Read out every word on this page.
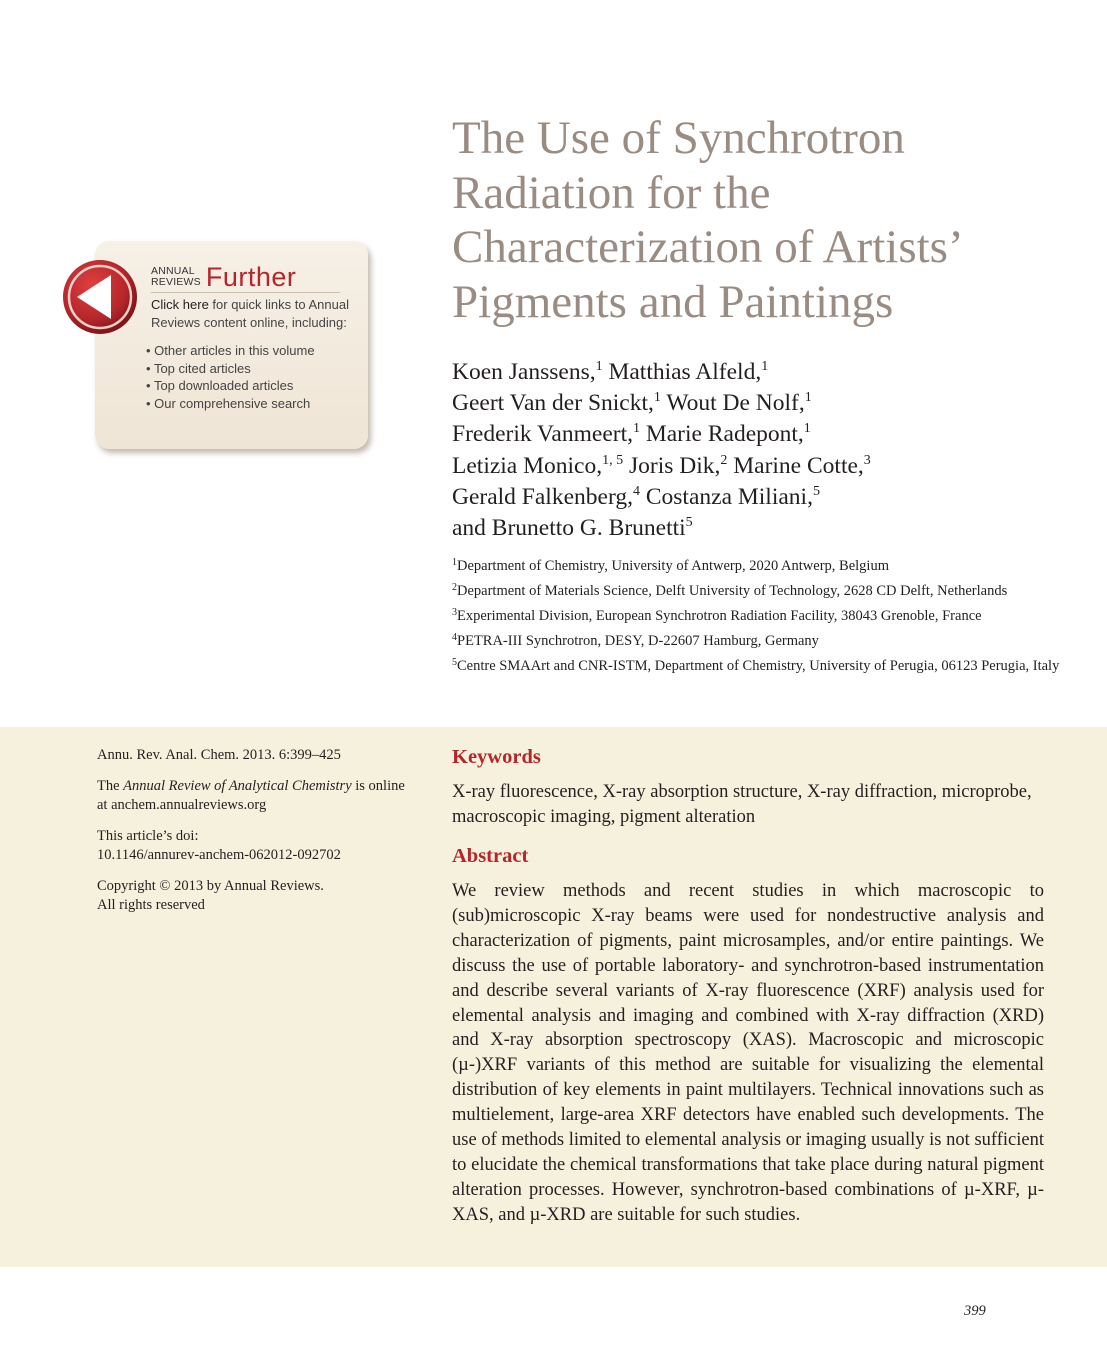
ANNUAL
REVIEWS Further
Click here for quick links to Annual Reviews content online, including:
• Other articles in this volume
• Top cited articles
• Top downloaded articles
• Our comprehensive search
The Use of Synchrotron
Radiation for the
Characterization of Artists’
Pigments and Paintings
Koen Janssens,$^1$ Matthias Alfeld,$^1$
Geert Van der Snickt,$^1$ Wout De Nolf,$^1$
Frederik Vanmeert,$^1$ Marie Radepont,$^1$
Letizia Monico,$^{1, 5}$ Joris Dik,$^2$ Marine Cotte,$^3$
Gerald Falkenberg,$^4$ Costanza Miliani,$^5$
and Brunetto G. Brunetti$^5$
$^1$Department of Chemistry, University of Antwerp, 2020 Antwerp, Belgium
$^2$Department of Materials Science, Delft University of Technology, 2628 CD Delft, Netherlands
$^3$Experimental Division, European Synchrotron Radiation Facility, 38043 Grenoble, France
$^4$PETRA-III Synchrotron, DESY, D-22607 Hamburg, Germany
$^5$Centre SMAArt and CNR-ISTM, Department of Chemistry, University of Perugia, 06123 Perugia, Italy

Annu. Rev. Anal. Chem. 2013. 6:399–425

The Annual Review of Analytical Chemistry is online at anchem.annualreviews.org

This article’s doi:
10.1146/annurev-anchem-062012-092702

Copyright © 2013 by Annual Reviews.
All rights reserved

Keywords
X-ray fluorescence, X-ray absorption structure, X-ray diffraction, microprobe, macroscopic imaging, pigment alteration
Abstract
We review methods and recent studies in which macroscopic to (sub)microscopic X-ray beams were used for nondestructive analysis and characterization of pigments, paint microsamples, and/or entire paintings. We discuss the use of portable laboratory- and synchrotron-based instrumentation and describe several variants of X-ray fluorescence (XRF) analysis used for elemental analysis and imaging and combined with X-ray diffraction (XRD) and X-ray absorption spectroscopy (XAS). Macroscopic and microscopic (µ-)XRF variants of this method are suitable for visualizing the elemental distribution of key elements in paint multilayers. Technical innovations such as multielement, large-area XRF detectors have enabled such developments. The use of methods limited to elemental analysis or imaging usually is not sufficient to elucidate the chemical transformations that take place during natural pigment alteration processes. However, synchrotron-based combinations of µ-XRF, µ-XAS, and µ-XRD are suitable for such studies.
399
